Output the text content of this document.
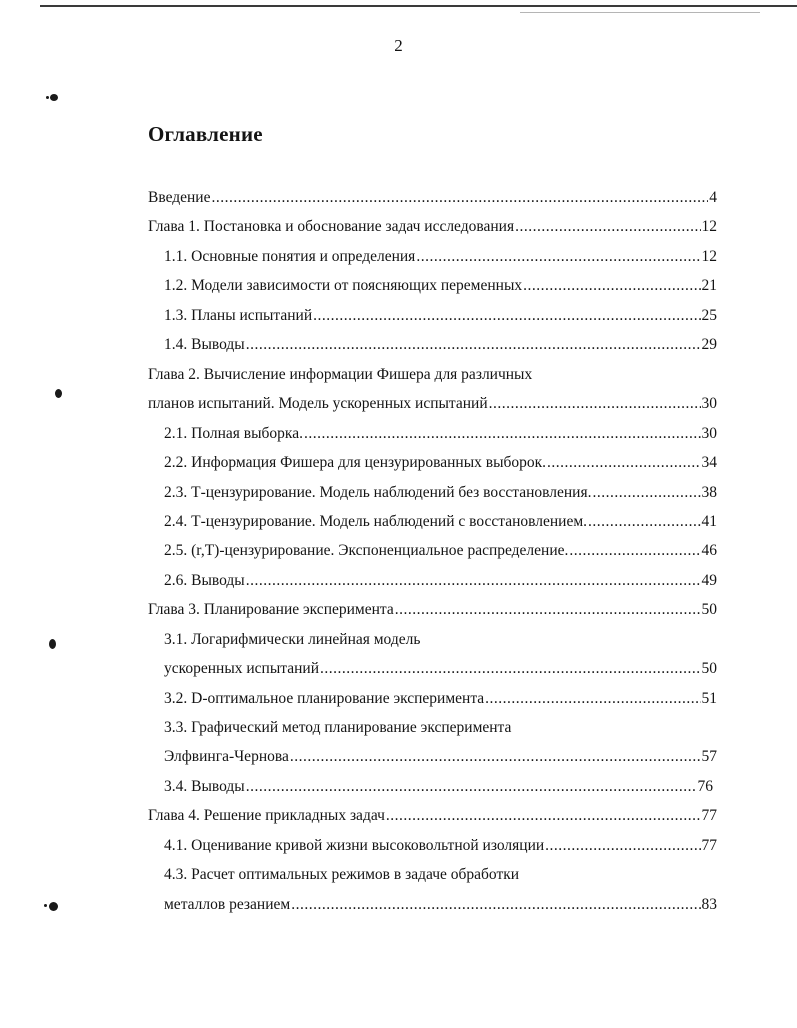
2
Оглавление
Введение .....	4
Глава 1. Постановка и обоснование задач исследования .....	12
1.1. Основные понятия и определения .....	12
1.2. Модели зависимости от поясняющих переменных .....	21
1.3. Планы испытаний .....	25
1.4. Выводы .....	29
Глава 2. Вычисление информации Фишера для различных
планов испытаний. Модель ускоренных испытаний .....	30
2.1. Полная выборка. .....	30
2.2. Информация Фишера для цензурированных выборок. .....	34
2.3. Т-цензурирование. Модель наблюдений без восстановления. .....	38
2.4. Т-цензурирование. Модель наблюдений с восстановлением. .....	41
2.5. (r,T)-цензурирование. Экспоненциальное распределение. .....	46
2.6. Выводы .....	49
Глава 3. Планирование эксперимента .....	50
3.1. Логарифмически линейная модель
ускоренных испытаний .....	50
3.2. D-оптимальное планирование эксперимента .....	51
3.3. Графический метод планирование эксперимента
Элфвинга-Чернова .....	57
3.4. Выводы .....	76
Глава 4. Решение прикладных задач .....	77
4.1. Оценивание кривой жизни высоковольтной изоляции .....	77
4.3. Расчет оптимальных режимов в задаче обработки
металлов резанием .....	83
